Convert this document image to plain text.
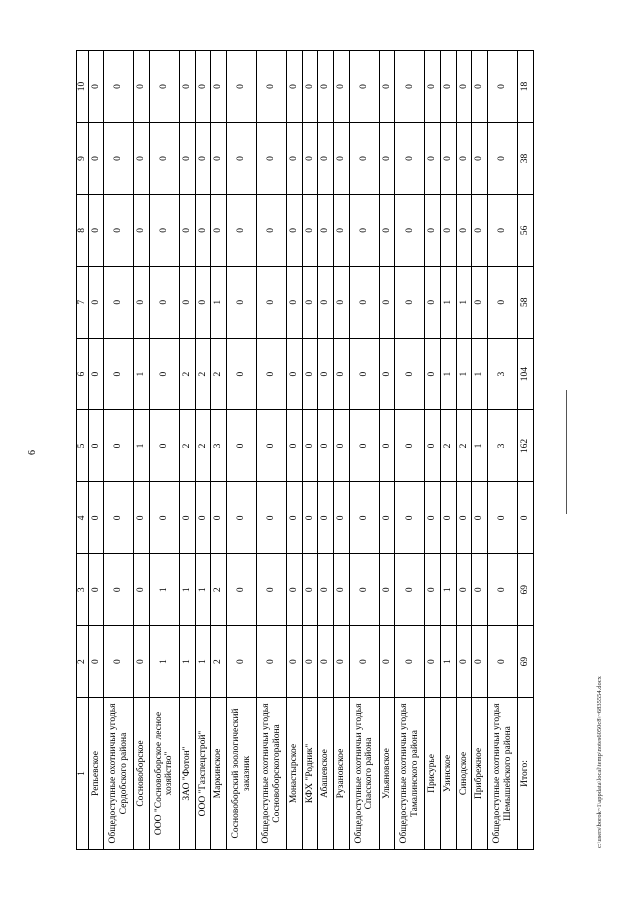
6
1	2	3	4	5	6	7	8	9	10
Репьевское	0	0	0	0	0	0	0	0	0
Общедоступные охотничьи угодья Сердобского района	0	0	0	0	0	0	0	0	0
Сосновоборское	0	0	0	1	1	0	0	0	0
ООО "Сосновоборское лесное хозяйство"	1	1	0	0	0	0	0	0	0
ЗАО "Фотон"	1	1	0	2	2	0	0	0	0
ООО "Газспецстрой"	1	1	0	2	2	0	0	0	0
Маркинское	2	2	0	3	2	1	0	0	0
Сосновоборский зоологический заказник	0	0	0	0	0	0	0	0	0
Общедоступные охотничьи угодья Сосновоборскогорайона	0	0	0	0	0	0	0	0	0
Монастырское	0	0	0	0	0	0	0	0	0
КФХ "Родник"	0	0	0	0	0	0	0	0	0
Абашевское	0	0	0	0	0	0	0	0	0
Рузановское	0	0	0	0	0	0	0	0	0
Общедоступные охотничьи угодья Спасского района	0	0	0	0	0	0	0	0	0
Ульяновское	0	0	0	0	0	0	0	0	0
Общедоступные охотничьи угодья Тамалинского района	0	0	0	0	0	0	0	0	0
Присурье	0	0	0	0	0	0	0	0	0
Узинское	1	1	0	2	1	1	0	0	0
Синодское	0	0	0	2	1	1	0	0	0
Прибрежное	0	0	0	1	1	0	0	0	0
Общедоступные охотничьи угодья Шемышейского района	0	0	0	3	3	0	0	0	0
Итого:	69	69	0	162	104	58	56	38	18
c:\users\borok~1\appdata\local\temp\notes6050c8\~6835554.docx
